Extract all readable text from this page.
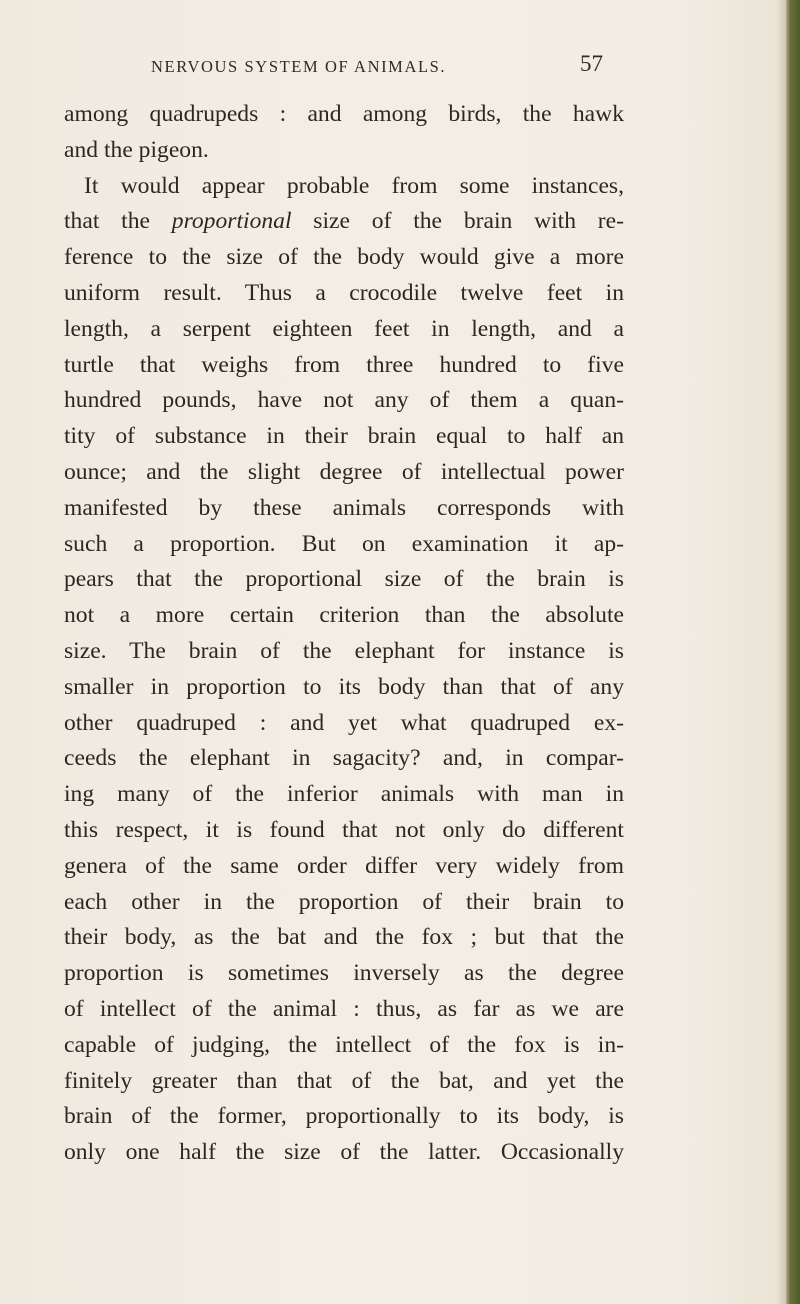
NERVOUS SYSTEM OF ANIMALS.	57
among quadrupeds : and among birds, the hawk
and the pigeon.
It would appear probable from some instances,
that the proportional size of the brain with re-
ference to the size of the body would give a more
uniform result. Thus a crocodile twelve feet in
length, a serpent eighteen feet in length, and a
turtle that weighs from three hundred to five
hundred pounds, have not any of them a quan-
tity of substance in their brain equal to half an
ounce; and the slight degree of intellectual power
manifested by these animals corresponds with
such a proportion. But on examination it ap-
pears that the proportional size of the brain is
not a more certain criterion than the absolute
size. The brain of the elephant for instance is
smaller in proportion to its body than that of any
other quadruped : and yet what quadruped ex-
ceeds the elephant in sagacity? and, in compar-
ing many of the inferior animals with man in
this respect, it is found that not only do different
genera of the same order differ very widely from
each other in the proportion of their brain to
their body, as the bat and the fox ; but that the
proportion is sometimes inversely as the degree
of intellect of the animal : thus, as far as we are
capable of judging, the intellect of the fox is in-
finitely greater than that of the bat, and yet the
brain of the former, proportionally to its body, is
only one half the size of the latter. Occasionally
